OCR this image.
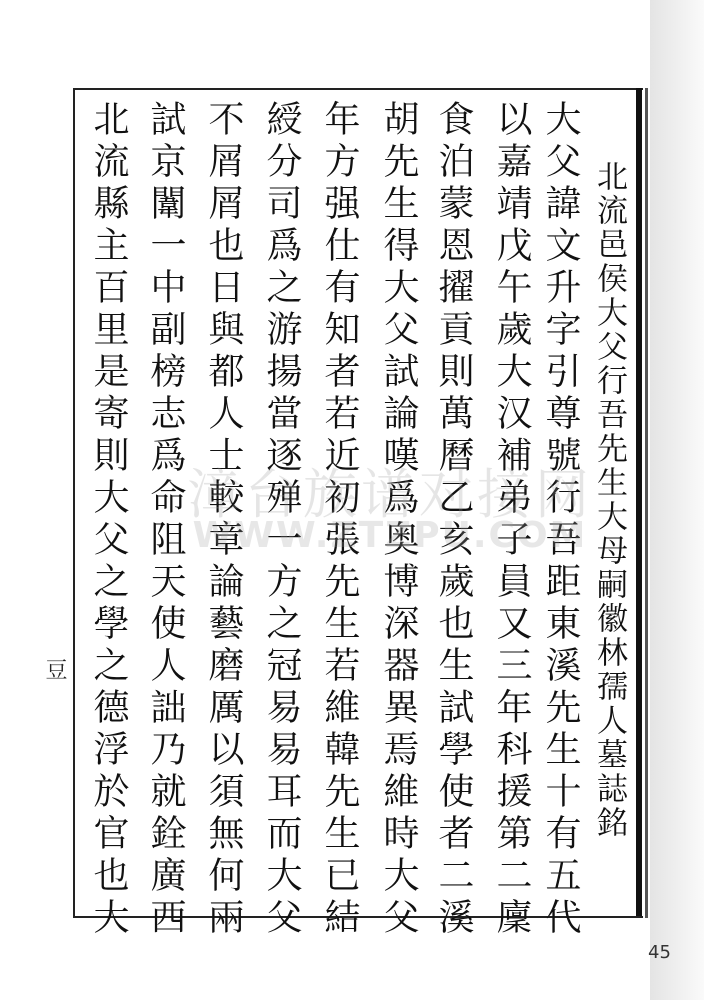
北流邑侯大父行吾先生大母嗣徽林孺人墓誌銘
大父諱文升字引尊號行吾距東溪先生十有五代
以嘉靖戊午歲大汉補弟子員又三年科援第二廩
食泊蒙恩擢貢則萬曆乙亥歲也生試學使者二溪
胡先生得大父試論嘆爲奥博深器異焉維時大父
年方强仕有知者若近初張先生若維韓先生已結
綬分司爲之游揚當逐殚一方之冠易易耳而大父
不屑屑也日與都人士較章論藝磨厲以須無何兩
試京闈一中副榜志爲命阻天使人詘乃就銓廣西
北流縣主百里是寄則大父之學之德浮於官也大
豆
45
漳台族谱对接网
WWW.ZTZPU.COM
